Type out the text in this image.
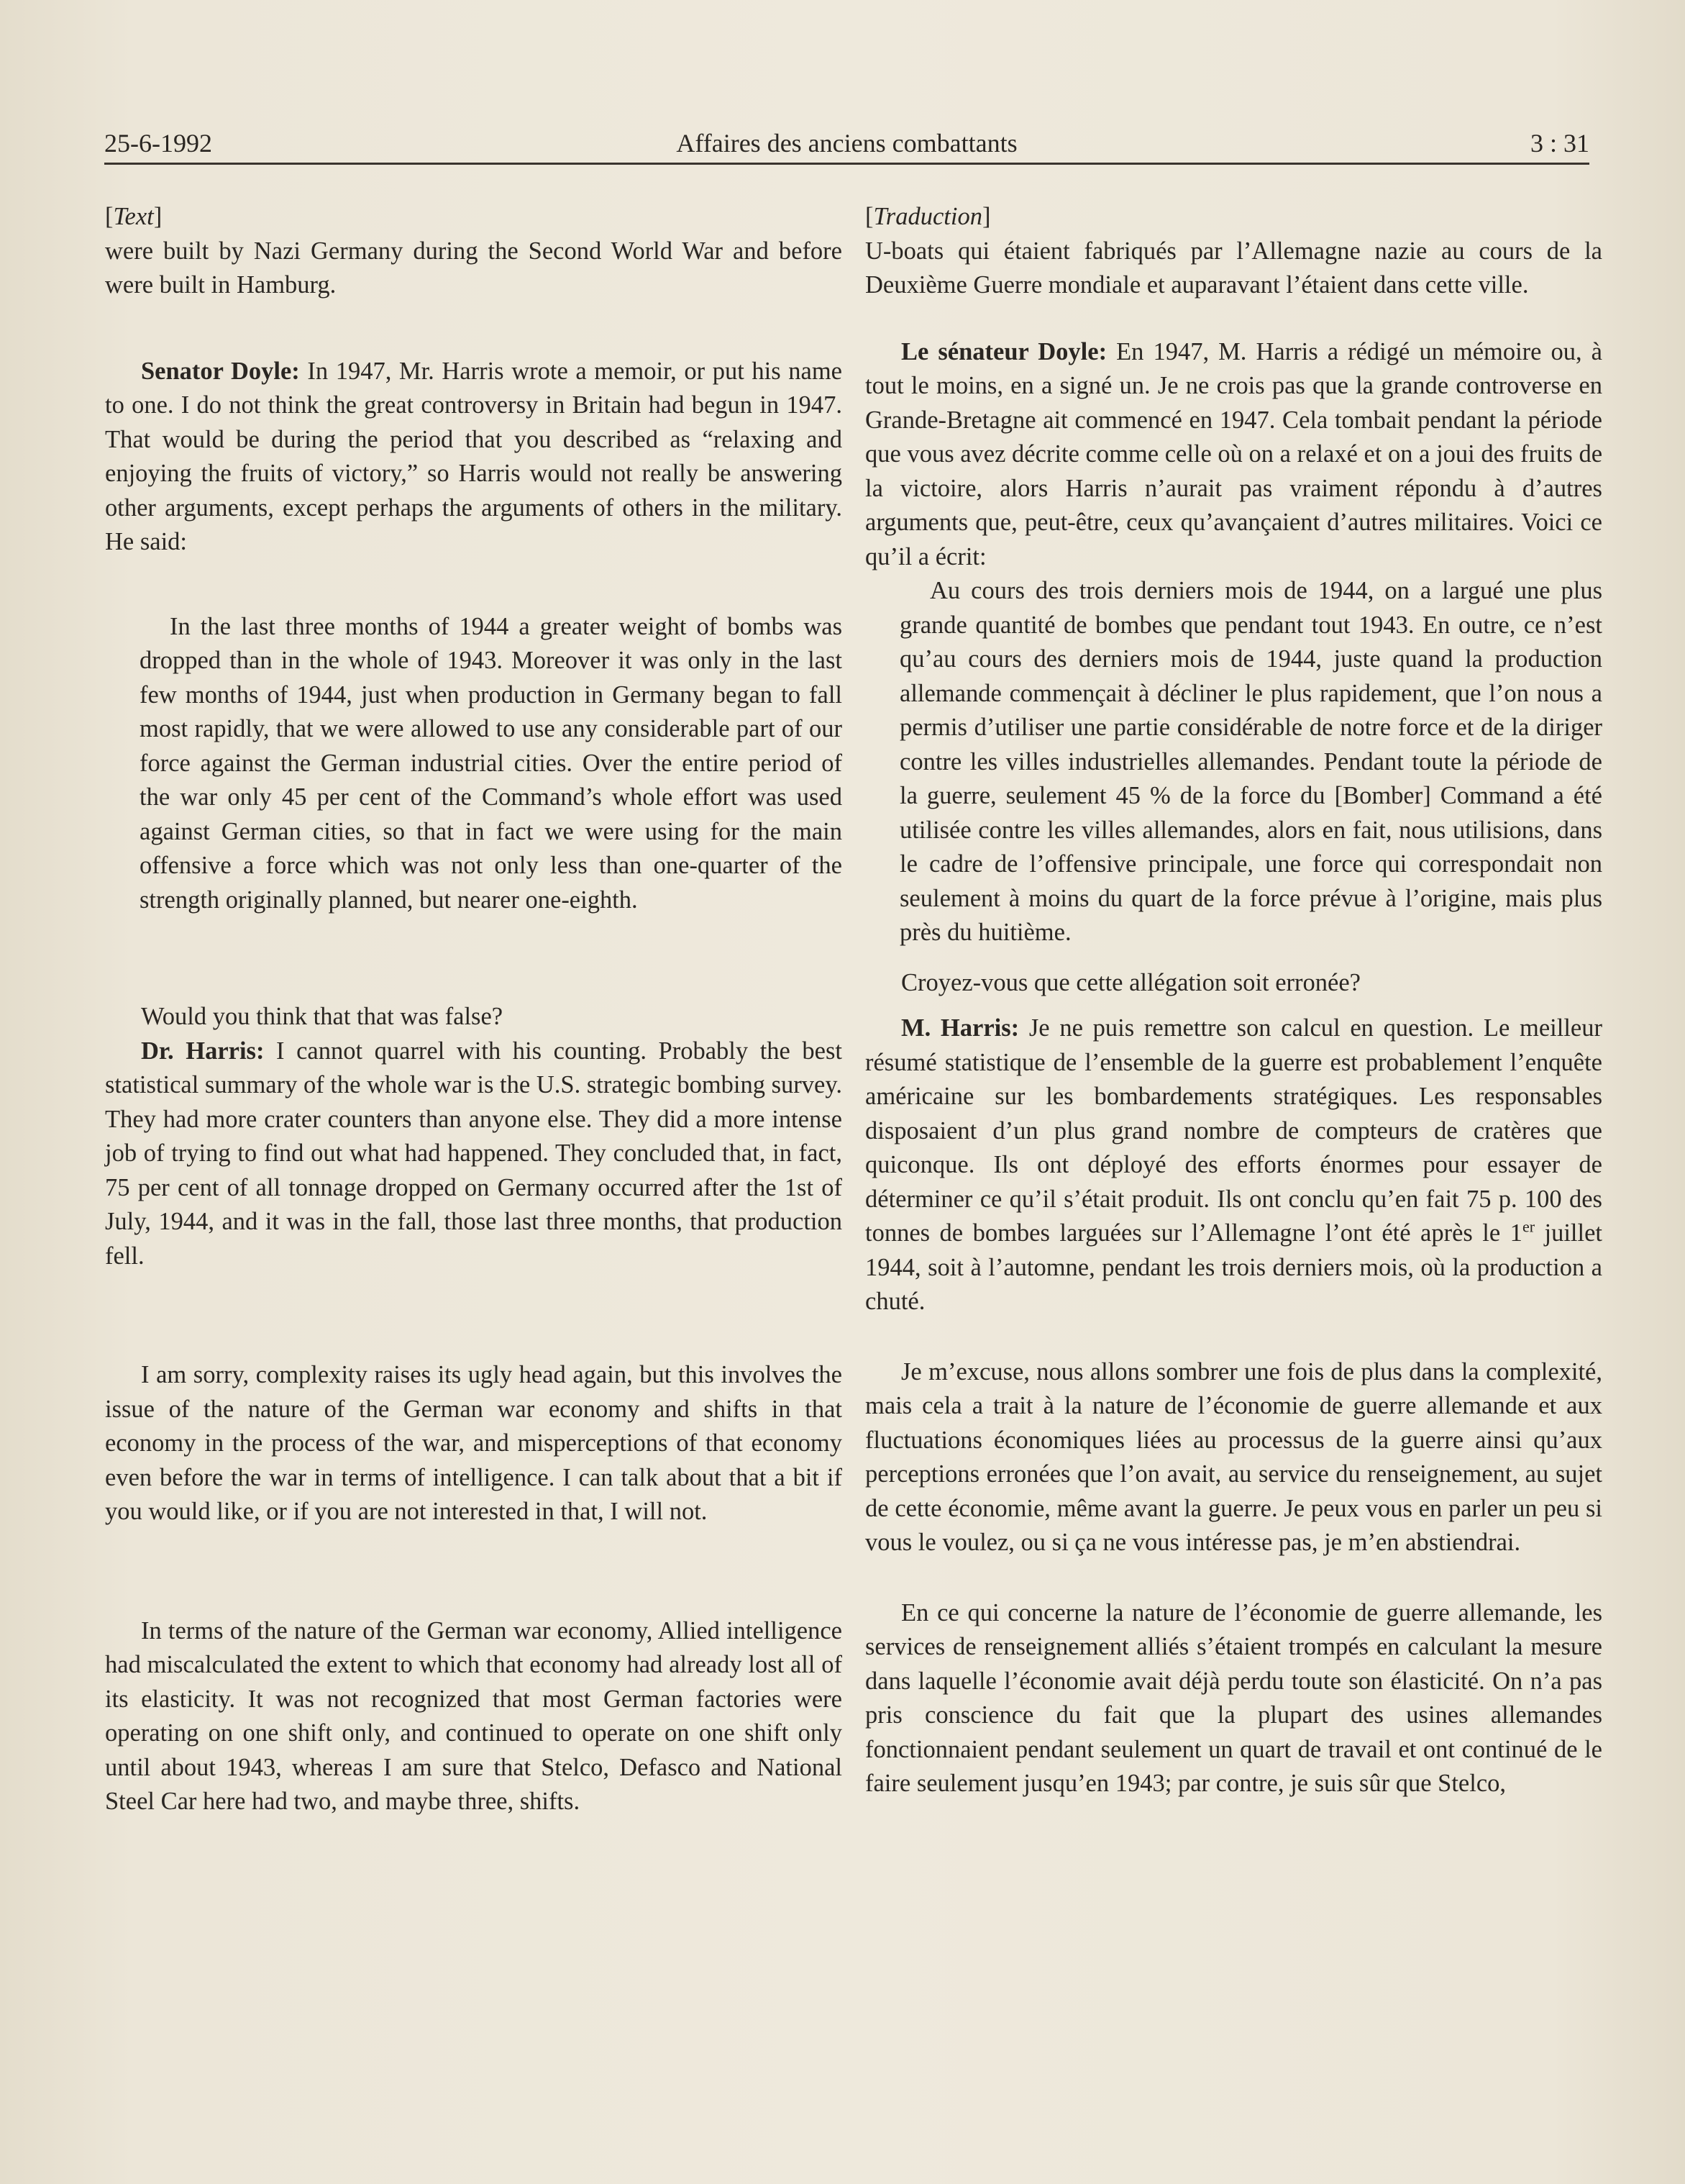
25-6-1992	Affaires des anciens combattants	3 : 31

[Text]

were built by Nazi Germany during the Second World War and before were built in Hamburg.

Senator Doyle: In 1947, Mr. Harris wrote a memoir, or put his name to one. I do not think the great controversy in Britain had begun in 1947. That would be during the period that you described as “relaxing and enjoying the fruits of victory,” so Harris would not really be answering other arguments, except perhaps the arguments of others in the military. He said:

In the last three months of 1944 a greater weight of bombs was dropped than in the whole of 1943. Moreover it was only in the last few months of 1944, just when production in Germany began to fall most rapidly, that we were allowed to use any considerable part of our force against the German industrial cities. Over the entire period of the war only 45 per cent of the Command’s whole effort was used against German cities, so that in fact we were using for the main offensive a force which was not only less than one-quarter of the strength originally planned, but nearer one-eighth.

Would you think that that was false?

Dr. Harris: I cannot quarrel with his counting. Probably the best statistical summary of the whole war is the U.S. strategic bombing survey. They had more crater counters than anyone else. They did a more intense job of trying to find out what had happened. They concluded that, in fact, 75 per cent of all tonnage dropped on Germany occurred after the 1st of July, 1944, and it was in the fall, those last three months, that production fell.

I am sorry, complexity raises its ugly head again, but this involves the issue of the nature of the German war economy and shifts in that economy in the process of the war, and misperceptions of that economy even before the war in terms of intelligence. I can talk about that a bit if you would like, or if you are not interested in that, I will not.

In terms of the nature of the German war economy, Allied intelligence had miscalculated the extent to which that economy had already lost all of its elasticity. It was not recognized that most German factories were operating on one shift only, and continued to operate on one shift only until about 1943, whereas I am sure that Stelco, Defasco and National Steel Car here had two, and maybe three, shifts.

[Traduction]

U-boats qui étaient fabriqués par l’Allemagne nazie au cours de la Deuxième Guerre mondiale et auparavant l’étaient dans cette ville.

Le sénateur Doyle: En 1947, M. Harris a rédigé un mémoire ou, à tout le moins, en a signé un. Je ne crois pas que la grande controverse en Grande-Bretagne ait commencé en 1947. Cela tombait pendant la période que vous avez décrite comme celle où on a relaxé et on a joui des fruits de la victoire, alors Harris n’aurait pas vraiment répondu à d’autres arguments que, peut-être, ceux qu’avançaient d’autres militaires. Voici ce qu’il a écrit:

Au cours des trois derniers mois de 1944, on a largué une plus grande quantité de bombes que pendant tout 1943. En outre, ce n’est qu’au cours des derniers mois de 1944, juste quand la production allemande commençait à décliner le plus rapidement, que l’on nous a permis d’utiliser une partie considérable de notre force et de la diriger contre les villes industrielles allemandes. Pendant toute la période de la guerre, seulement 45 % de la force du [Bomber] Command a été utilisée contre les villes allemandes, alors en fait, nous utilisions, dans le cadre de l’offensive principale, une force qui correspondait non seulement à moins du quart de la force prévue à l’origine, mais plus près du huitième.

Croyez-vous que cette allégation soit erronée?

M. Harris: Je ne puis remettre son calcul en question. Le meilleur résumé statistique de l’ensemble de la guerre est probablement l’enquête américaine sur les bombardements stratégiques. Les responsables disposaient d’un plus grand nombre de compteurs de cratères que quiconque. Ils ont déployé des efforts énormes pour essayer de déterminer ce qu’il s’était produit. Ils ont conclu qu’en fait 75 p. 100 des tonnes de bombes larguées sur l’Allemagne l’ont été après le 1er juillet 1944, soit à l’automne, pendant les trois derniers mois, où la production a chuté.

Je m’excuse, nous allons sombrer une fois de plus dans la complexité, mais cela a trait à la nature de l’économie de guerre allemande et aux fluctuations économiques liées au processus de la guerre ainsi qu’aux perceptions erronées que l’on avait, au service du renseignement, au sujet de cette économie, même avant la guerre. Je peux vous en parler un peu si vous le voulez, ou si ça ne vous intéresse pas, je m’en abstiendrai.

En ce qui concerne la nature de l’économie de guerre allemande, les services de renseignement alliés s’étaient trompés en calculant la mesure dans laquelle l’économie avait déjà perdu toute son élasticité. On n’a pas pris conscience du fait que la plupart des usines allemandes fonctionnaient pendant seulement un quart de travail et ont continué de le faire seulement jusqu’en 1943; par contre, je suis sûr que Stelco,
